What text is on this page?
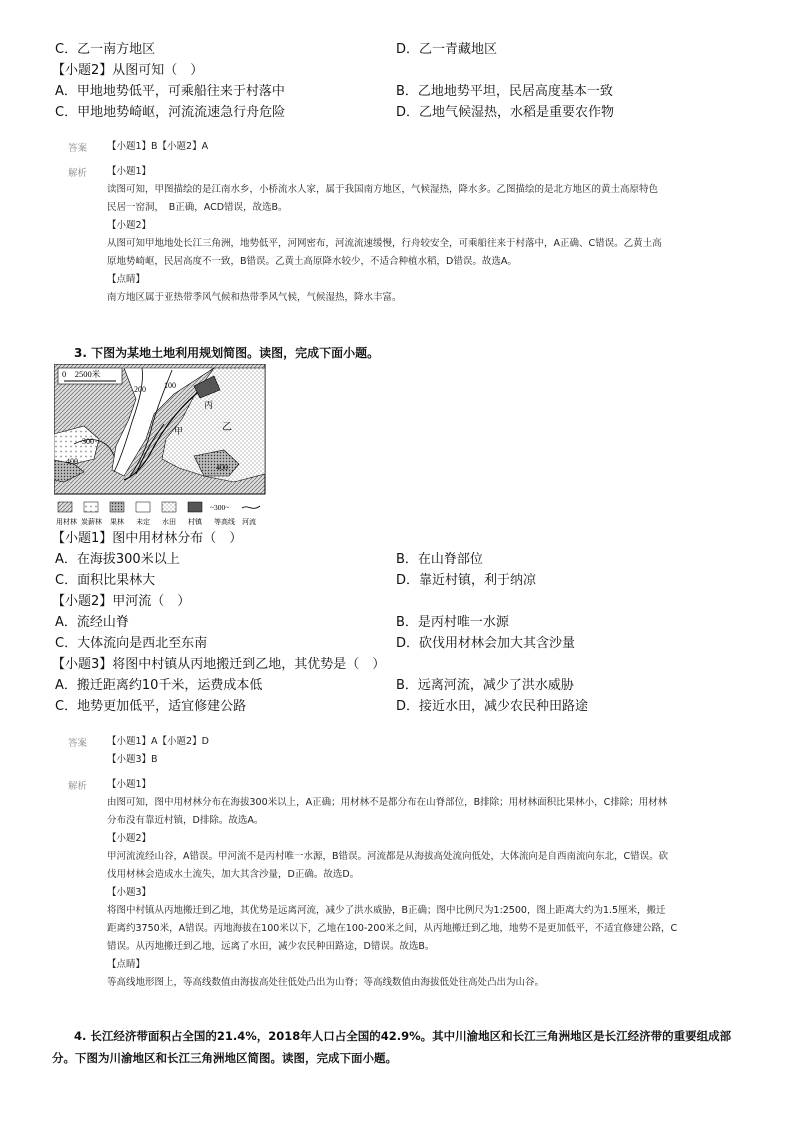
C．乙一南方地区	D．乙一青藏地区
【小题2】从图可知（　）
A．甲地地势低平，可乘船往来于村落中	B．乙地地势平坦，民居高度基本一致
C．甲地地势崎岖，河流流速急行舟危险	D．乙地气候湿热，水稻是重要农作物
答案 【小题1】B【小题2】A
解析 【小题1】
读图可知，甲图描绘的是江南水乡，小桥流水人家，属于我国南方地区，气候湿热，降水多。乙图描绘的是北方地区的黄土高原特色
民居一窑洞，　B正确，ACD错误，故选B。
【小题2】
从图可知甲地地处长江三角洲，地势低平，河网密布，河流流速缓慢，行舟较安全，可乘船往来于村落中，A正确、C错误。乙黄土高
原地势崎岖，民居高度不一致，B错误。乙黄土高原降水较少，不适合种植水稻，D错误。故选A。
【点睛】
南方地区属于亚热带季风气候和热带季风气候，气候湿热，降水丰富。
3. 下图为某地土地利用规划简图。读图，完成下面小题。
0　2500米
200 100
300
400
400
丙
乙
甲
~300~
用材林 炭薪林 果林 未定 水田 村镇 等高线 河流
【小题1】图中用材林分布（　）
A．在海拔300米以上	B．在山脊部位
C．面积比果林大	D．靠近村镇，利于纳凉
【小题2】甲河流（　）
A．流经山脊	B．是丙村唯一水源
C．大体流向是西北至东南	D．砍伐用材林会加大其含沙量
【小题3】将图中村镇从丙地搬迁到乙地，其优势是（　）
A．搬迁距离约10千米，运费成本低	B．远离河流，减少了洪水威胁
C．地势更加低平，适宜修建公路	D．接近水田，减少农民种田路途
答案 【小题1】A【小题2】D
【小题3】B
解析 【小题1】
由图可知，图中用材林分布在海拔300米以上，A正确；用材林不是都分布在山脊部位，B排除；用材林面积比果林小，C排除；用材林
分布没有靠近村镇，D排除。故选A。
【小题2】
甲河流流经山谷，A错误。甲河流不是丙村唯一水源，B错误。河流都是从海拔高处流向低处，大体流向是自西南流向东北，C错误。砍
伐用材林会造成水土流失，加大其含沙量，D正确。故选D。
【小题3】
将图中村镇从丙地搬迁到乙地，其优势是远离河流，减少了洪水威胁，B正确；图中比例尺为1:2500，图上距离大约为1.5厘米，搬迁
距离约3750米，A错误。丙地海拔在100米以下，乙地在100-200米之间，从丙地搬迁到乙地，地势不是更加低平，不适宜修建公路，C
错误。从丙地搬迁到乙地，远离了水田，减少农民种田路途，D错误。故选B。
【点睛】
等高线地形图上，等高线数值由海拔高处往低处凸出为山脊；等高线数值由海拔低处往高处凸出为山谷。
4. 长江经济带面积占全国的21.4%，2018年人口占全国的42.9%。其中川渝地区和长江三角洲地区是长江经济带的重要组成部
分。下图为川渝地区和长江三角洲地区简图。读图，完成下面小题。
